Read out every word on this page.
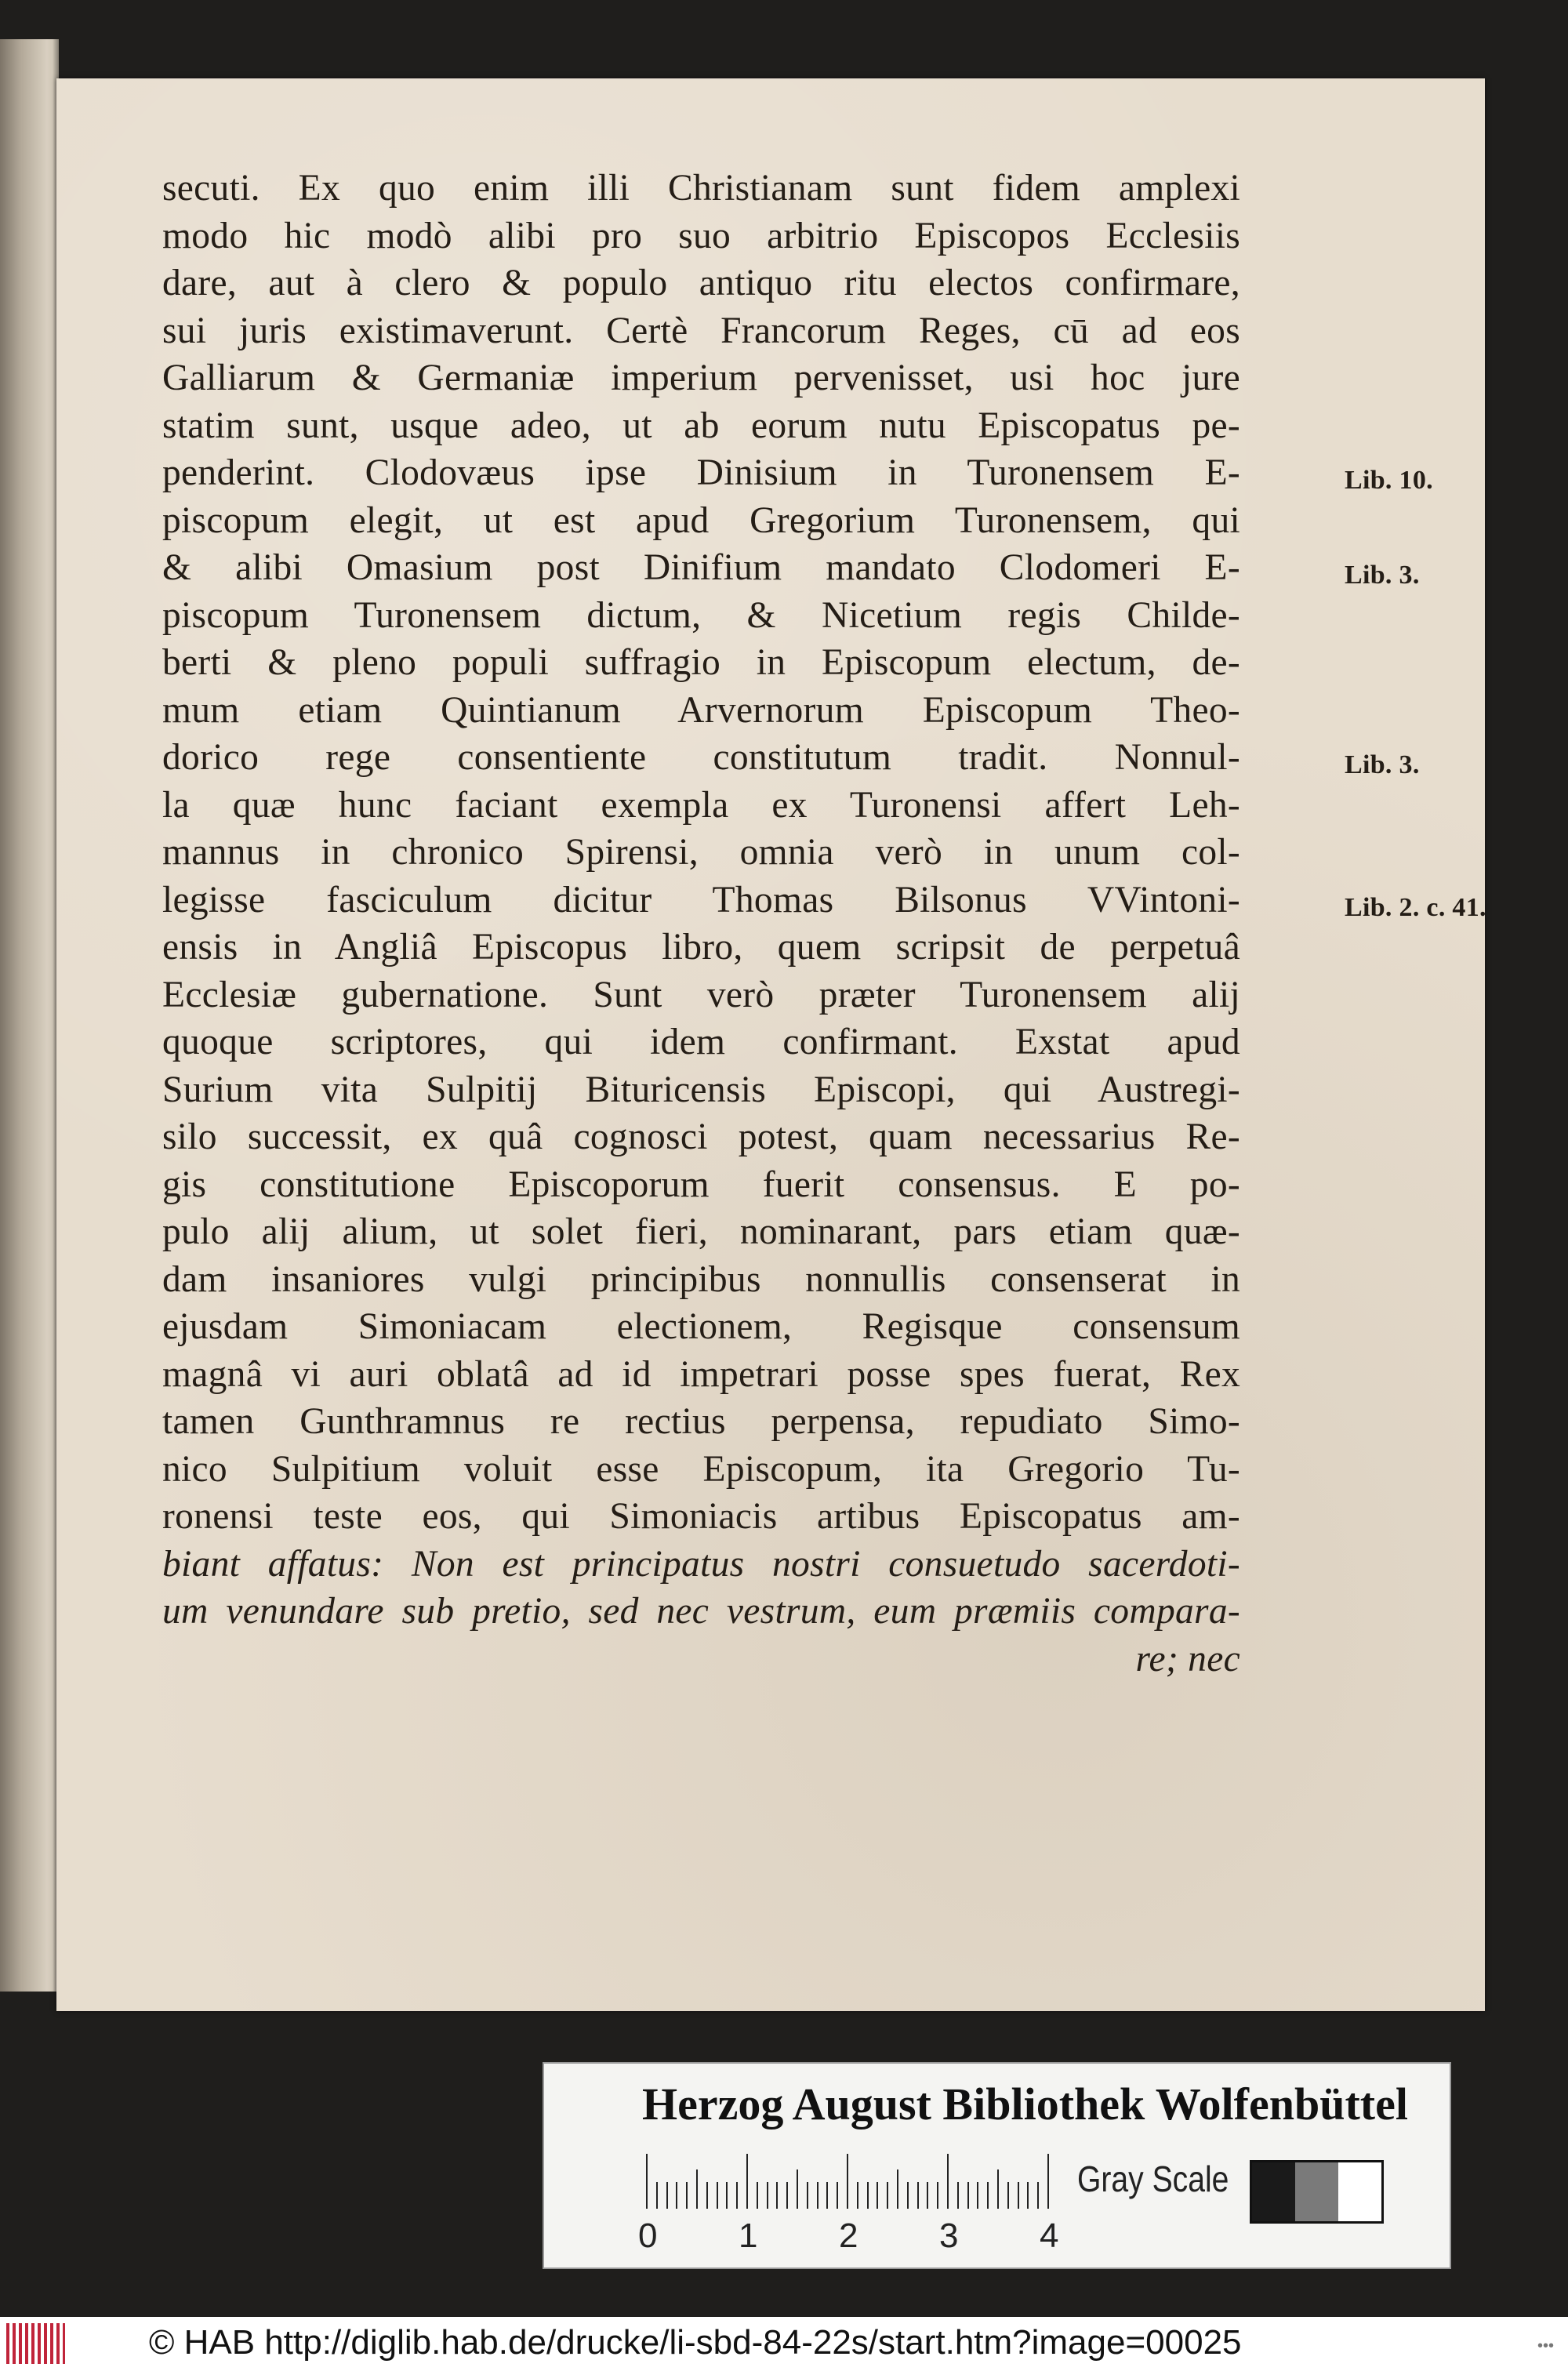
secuti. Ex quo enim illi Christianam sunt fidem amplexi
modo hic modò alibi pro suo arbitrio Episcopos Ecclesiis
dare, aut à clero & populo antiquo ritu electos confirmare,
sui juris existimaverunt. Certè Francorum Reges, cū ad eos
Galliarum & Germaniæ imperium pervenisset, usi hoc jure
statim sunt, usque adeo, ut ab eorum nutu Episcopatus pe-
penderint. Clodovæus ipse Dinisium in Turonensem E-
piscopum elegit, ut est apud Gregorium Turonensem, qui
& alibi Omasium post Dinifium mandato Clodomeri E-
piscopum Turonensem dictum, & Nicetium regis Childe-
berti & pleno populi suffragio in Episcopum electum, de-
mum etiam Quintianum Arvernorum Episcopum Theo-
dorico rege consentiente constitutum tradit. Nonnul-
la quæ hunc faciant exempla ex Turonensi affert Leh-
mannus in chronico Spirensi, omnia verò in unum col-
legisse fasciculum dicitur Thomas Bilsonus VVintoni-
ensis in Angliâ Episcopus libro, quem scripsit de perpetuâ
Ecclesiæ gubernatione. Sunt verò præter Turonensem alij
quoque scriptores, qui idem confirmant. Exstat apud
Surium vita Sulpitij Bituricensis Episcopi, qui Austregi-
silo successit, ex quâ cognosci potest, quam necessarius Re-
gis constitutione Episcoporum fuerit consensus. E po-
pulo alij alium, ut solet fieri, nominarant, pars etiam quæ-
dam insaniores vulgi principibus nonnullis consenserat in
ejusdam Simoniacam electionem, Regisque consensum
magnâ vi auri oblatâ ad id impetrari posse spes fuerat, Rex
tamen Gunthramnus re rectius perpensa, repudiato Simo-
nico Sulpitium voluit esse Episcopum, ita Gregorio Tu-
ronensi teste eos, qui Simoniacis artibus Episcopatus am-
biant affatus: Non est principatus nostri consuetudo sacerdoti-
um venundare sub pretio, sed nec vestrum, eum præmiis compara-
re; nec
Lib. 10.
Lib. 3.
Lib. 3.
Lib. 2. c. 41.
Herzog August Bibliothek Wolfenbüttel
0 1 2 3 4
Gray Scale
© HAB http://diglib.hab.de/drucke/li-sbd-84-22s/start.htm?image=00025	•••
